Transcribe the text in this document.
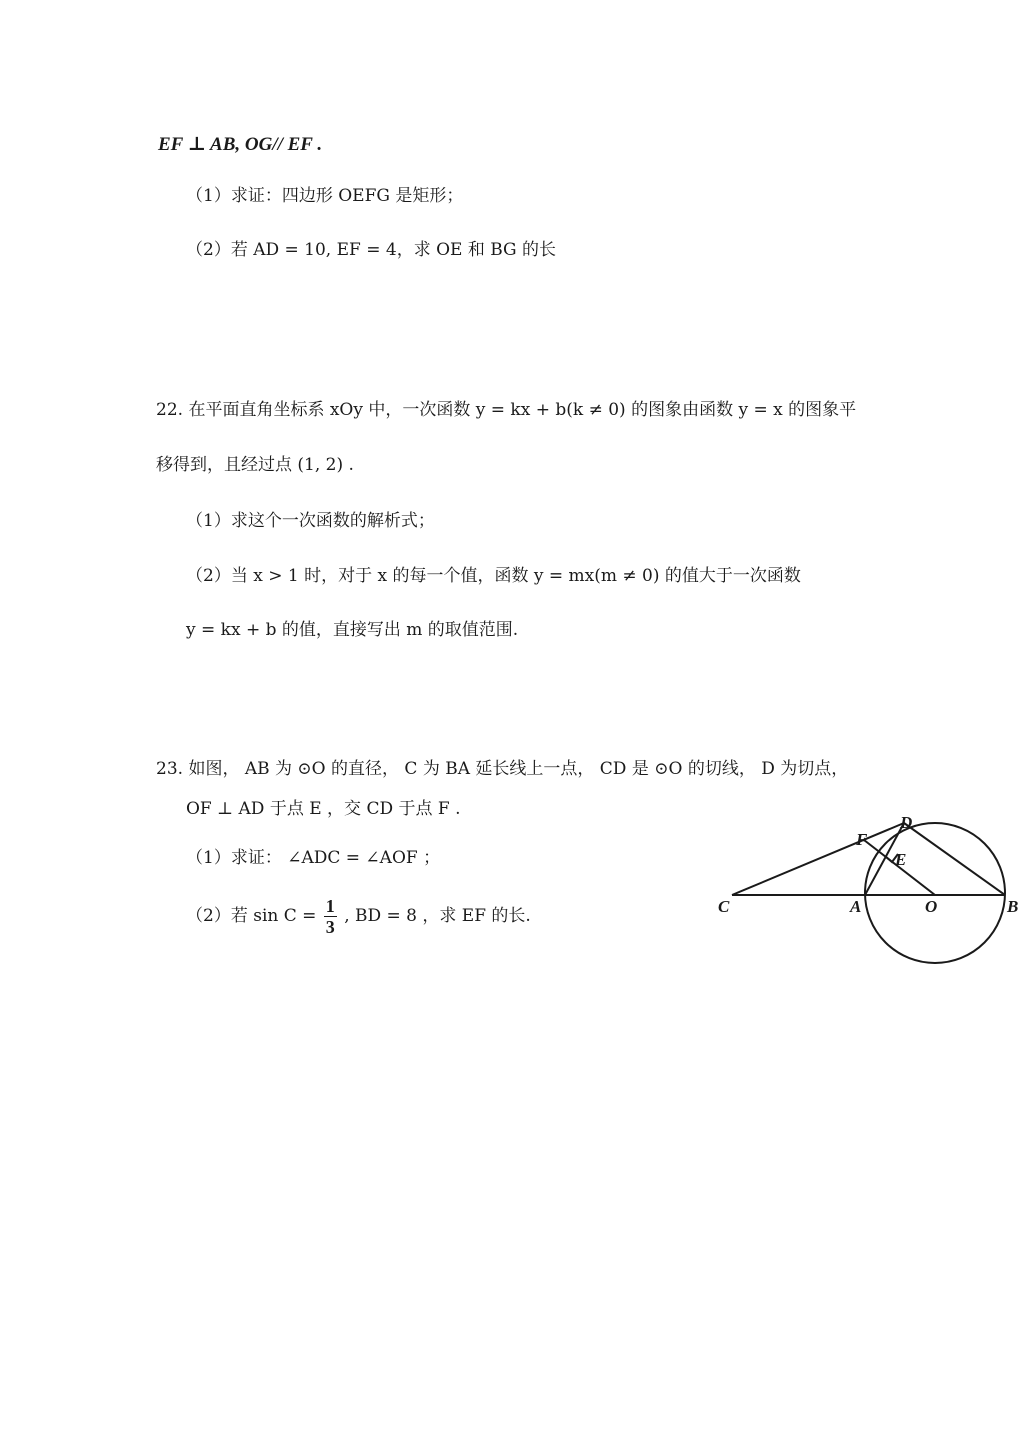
EF ⊥ AB, OG// EF .
（1）求证：四边形 OEFG 是矩形；
（2）若 AD = 10, EF = 4，求 OE 和 BG 的长
22. 在平面直角坐标系 xOy 中，一次函数 y = kx + b(k ≠ 0) 的图象由函数 y = x 的图象平
移得到，且经过点 (1, 2) .
（1）求这个一次函数的解析式；
（2）当 x > 1 时，对于 x 的每一个值，函数 y = mx(m ≠ 0) 的值大于一次函数
y = kx + b 的值，直接写出 m 的取值范围.
23. 如图， AB 为 ⊙O 的直径， C 为 BA 延长线上一点， CD 是 ⊙O 的切线， D 为切点，
OF ⊥ AD 于点 E ，交 CD 于点 F .
（1）求证： ∠ADC = ∠AOF ；
（2）若 $\sin C = \frac{1}{3}$ , BD = 8 ，求 EF 的长.	C	A	O	B
D
F
E
